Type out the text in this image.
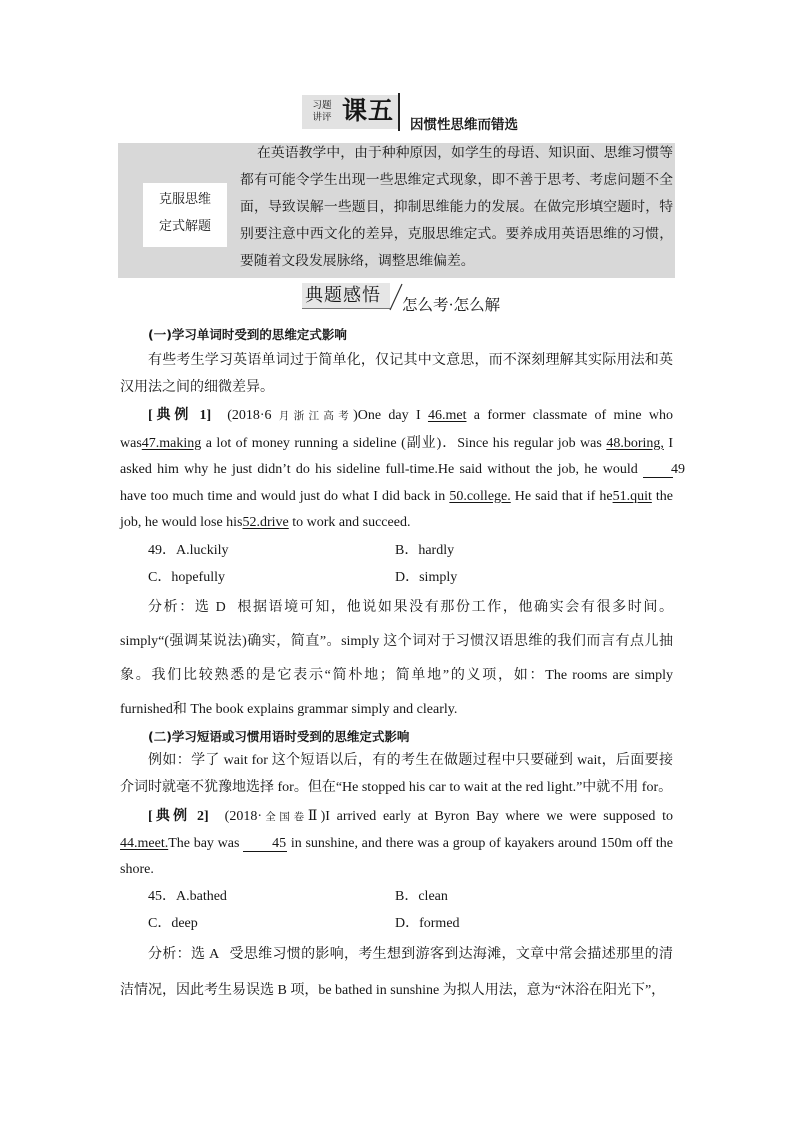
习题
讲评 课五 因惯性思维而错选
克服思维
定式解题
在英语教学中，由于种种原因，如学生的母语、知识面、思维习惯等都有可能令学生出现一些思维定式现象，即不善于思考、考虑问题不全面，导致误解一些题目，抑制思维能力的发展。在做完形填空题时，特别要注意中西文化的差异，克服思维定式。要养成用英语思维的习惯，要随着文段发展脉络，调整思维偏差。
典题感悟 怎么考·怎么解
(一)学习单词时受到的思维定式影响

有些考生学习英语单词过于简单化，仅记其中文意思，而不深刻理解其实际用法和英汉用法之间的细微差异。

[典例 1] (2018·6 月浙江高考)One day I 46.met a former classmate of mine who was47.making a lot of money running a sideline (副业)．Since his regular job was 48.boring, I asked him why he just didn’t do his sideline full-time.He said without the job, he would 49 have too much time and would just do what I did back in 50.college. He said that if he51.quit the job, he would lose his52.drive to work and succeed.

49．A.luckily	B．hardly
C．hopefully	D．simply

分析：选 D 根据语境可知，他说如果没有那份工作，他确实会有很多时间。simply“(强调某说法)确实，简直”。simply 这个词对于习惯汉语思维的我们而言有点儿抽象。我们比较熟悉的是它表示“简朴地；简单地”的义项，如：The rooms are simply furnished和 The book explains grammar simply and clearly.

(二)学习短语或习惯用语时受到的思维定式影响

例如：学了 wait for 这个短语以后，有的考生在做题过程中只要碰到 wait，后面要接介词时就毫不犹豫地选择 for。但在“He stopped his car to wait at the red light.”中就不用 for。

[典例 2] (2018·全国卷Ⅱ)I arrived early at Byron Bay where we were supposed to 44.meet.The bay was 45 in sunshine, and there was a group of kayakers around 150m off the shore.

45．A.bathed	B．clean
C．deep	D．formed

分析：选 A 受思维习惯的影响，考生想到游客到达海滩，文章中常会描述那里的清洁情况，因此考生易误选 B 项，be bathed in sunshine 为拟人用法，意为“沐浴在阳光下”，
